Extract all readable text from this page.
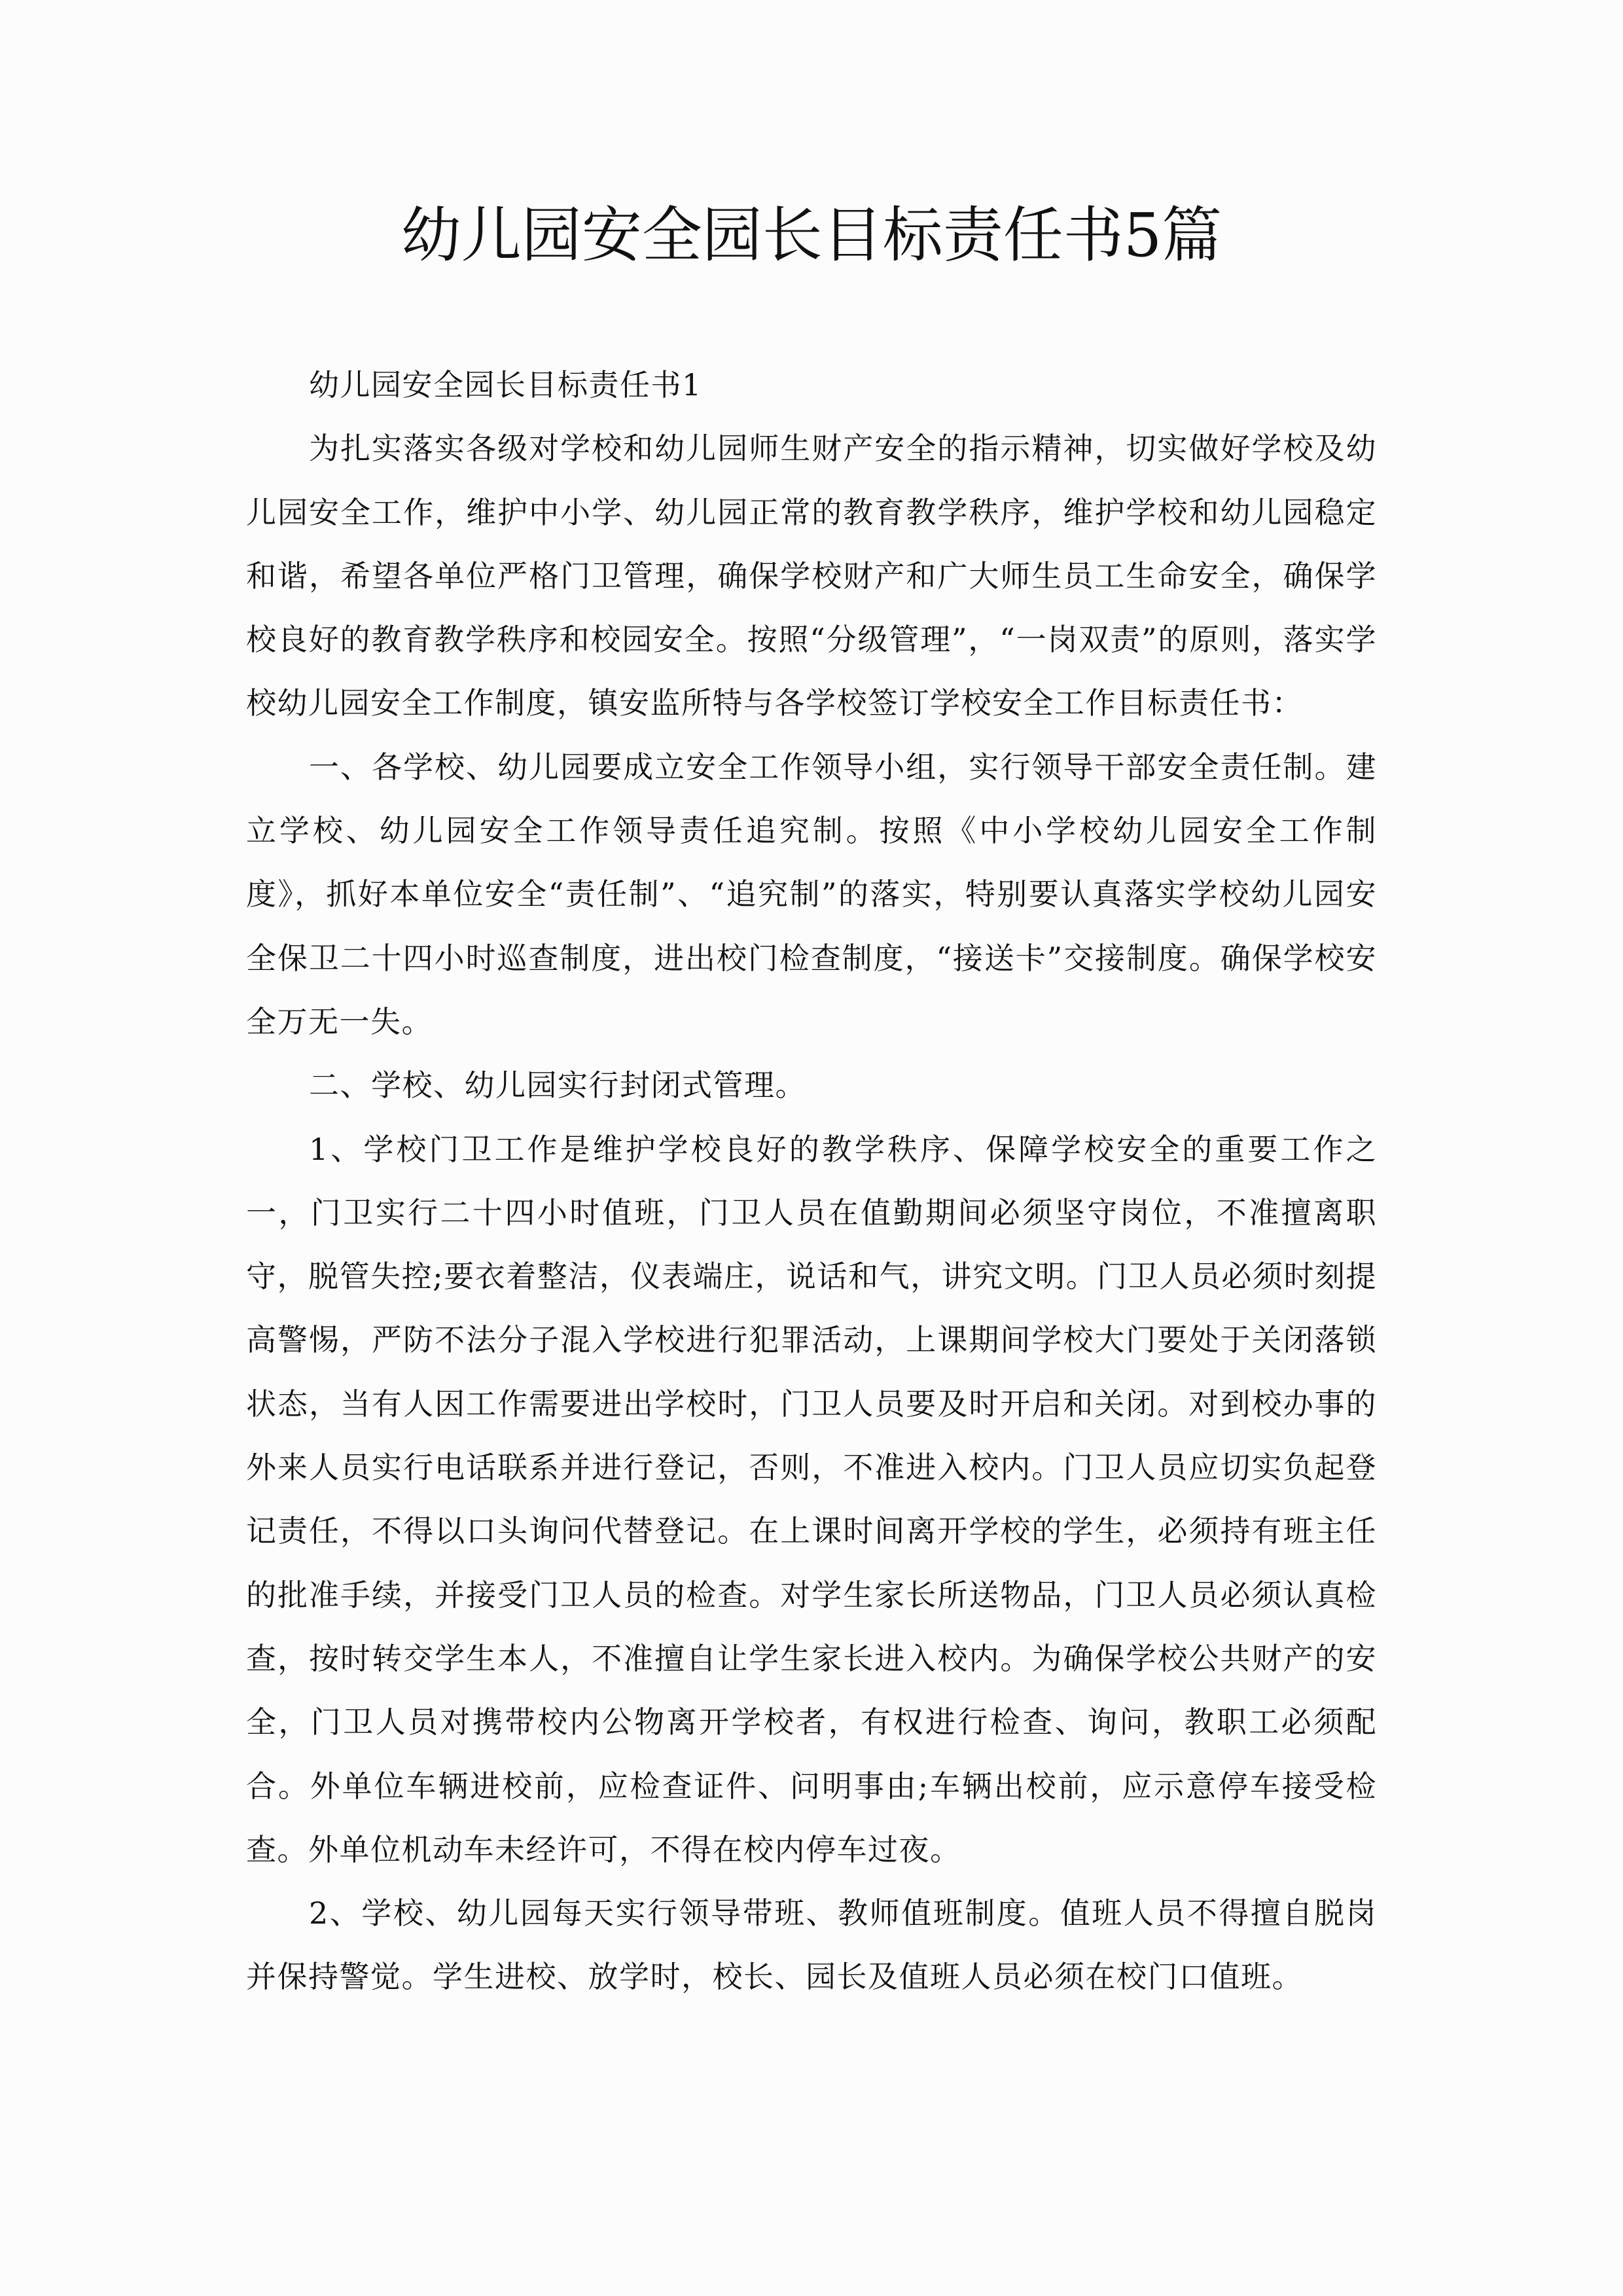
幼儿园安全园长目标责任书5篇

幼儿园安全园长目标责任书1

为扎实落实各级对学校和幼儿园师生财产安全的指示精神，切实做好学校及幼儿园安全工作，维护中小学、幼儿园正常的教育教学秩序，维护学校和幼儿园稳定和谐，希望各单位严格门卫管理，确保学校财产和广大师生员工生命安全，确保学校良好的教育教学秩序和校园安全。按照“分级管理”，“一岗双责”的原则，落实学校幼儿园安全工作制度，镇安监所特与各学校签订学校安全工作目标责任书：

一、各学校、幼儿园要成立安全工作领导小组，实行领导干部安全责任制。建立学校、幼儿园安全工作领导责任追究制。按照《中小学校幼儿园安全工作制度》，抓好本单位安全“责任制”、“追究制”的落实，特别要认真落实学校幼儿园安全保卫二十四小时巡查制度，进出校门检查制度，“接送卡”交接制度。确保学校安全万无一失。

二、学校、幼儿园实行封闭式管理。

1、学校门卫工作是维护学校良好的教学秩序、保障学校安全的重要工作之一，门卫实行二十四小时值班，门卫人员在值勤期间必须坚守岗位，不准擅离职守，脱管失控;要衣着整洁，仪表端庄，说话和气，讲究文明。门卫人员必须时刻提高警惕，严防不法分子混入学校进行犯罪活动，上课期间学校大门要处于关闭落锁状态，当有人因工作需要进出学校时，门卫人员要及时开启和关闭。对到校办事的外来人员实行电话联系并进行登记，否则，不准进入校内。门卫人员应切实负起登记责任，不得以口头询问代替登记。在上课时间离开学校的学生，必须持有班主任的批准手续，并接受门卫人员的检查。对学生家长所送物品，门卫人员必须认真检查，按时转交学生本人，不准擅自让学生家长进入校内。为确保学校公共财产的安全，门卫人员对携带校内公物离开学校者，有权进行检查、询问，教职工必须配合。外单位车辆进校前，应检查证件、问明事由;车辆出校前，应示意停车接受检查。外单位机动车未经许可，不得在校内停车过夜。

2、学校、幼儿园每天实行领导带班、教师值班制度。值班人员不得擅自脱岗并保持警觉。学生进校、放学时，校长、园长及值班人员必须在校门口值班。
